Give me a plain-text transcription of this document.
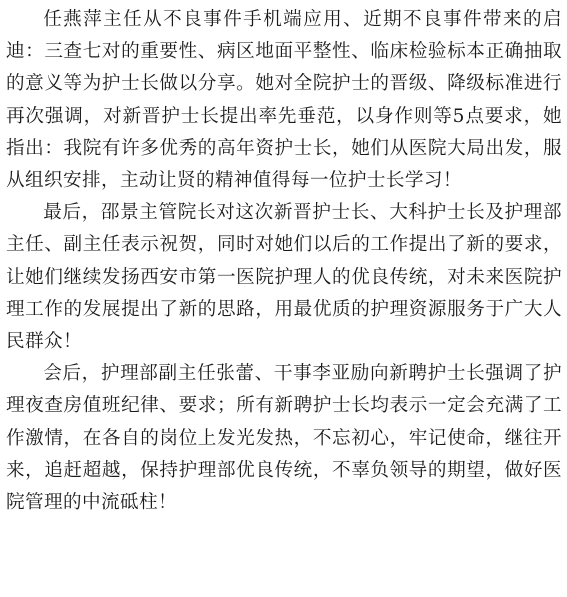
任燕萍主任从不良事件手机端应用、近期不良事件带来的启迪：三查七对的重要性、病区地面平整性、临床检验标本正确抽取的意义等为护士长做以分享。她对全院护士的晋级、降级标准进行再次强调，对新晋护士长提出率先垂范，以身作则等5点要求，她指出：我院有许多优秀的高年资护士长，她们从医院大局出发，服从组织安排，主动让贤的精神值得每一位护士长学习！

最后，邵景主管院长对这次新晋护士长、大科护士长及护理部主任、副主任表示祝贺，同时对她们以后的工作提出了新的要求，让她们继续发扬西安市第一医院护理人的优良传统，对未来医院护理工作的发展提出了新的思路，用最优质的护理资源服务于广大人民群众！

会后，护理部副主任张蕾、干事李亚励向新聘护士长强调了护理夜查房值班纪律、要求；所有新聘护士长均表示一定会充满了工作激情，在各自的岗位上发光发热，不忘初心，牢记使命，继往开来，追赶超越，保持护理部优良传统，不辜负领导的期望，做好医院管理的中流砥柱！
